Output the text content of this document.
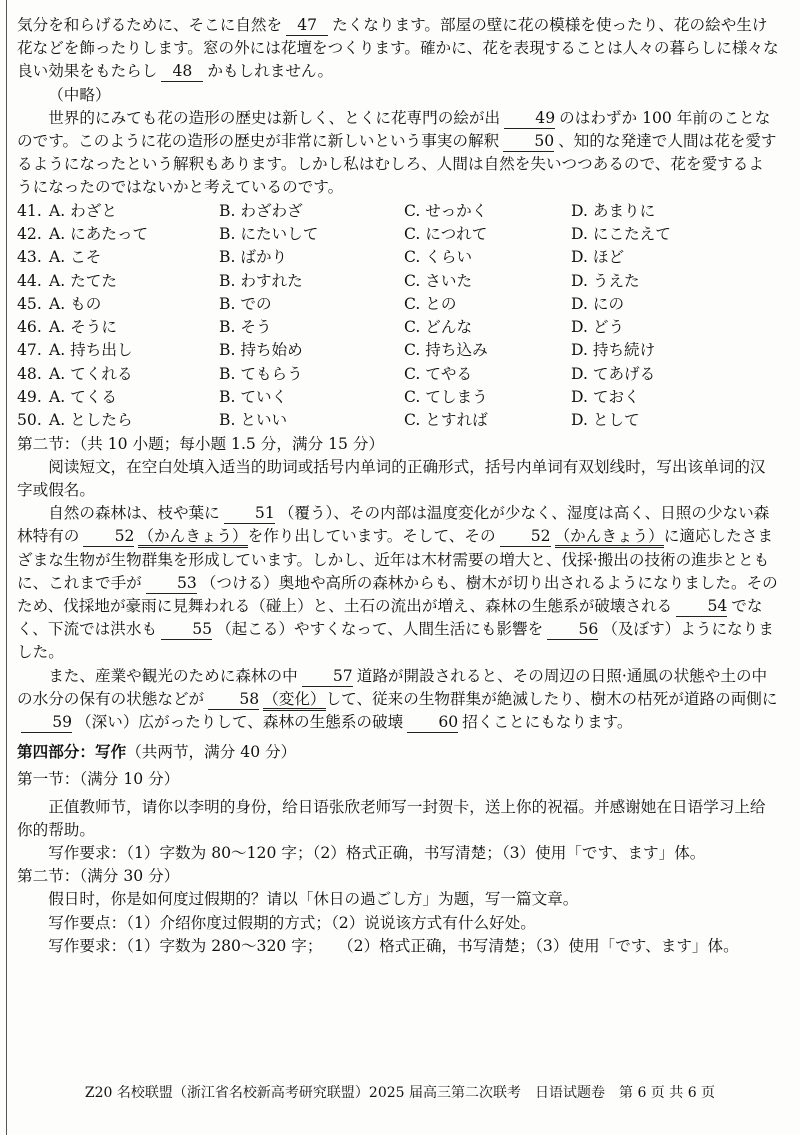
気分を和らげるために、そこに自然を 47 たくなります。部屋の壁に花の模様を使ったり、花の絵や生け花などを飾ったりします。窓の外には花壇をつくります。確かに、花を表現することは人々の暮らしに様々な良い効果をもたらし 48 かもしれません。

（中略）

世界的にみても花の造形の歴史は新しく、とくに花専門の絵が出 49 のはわずか 100 年前のことなのです。このように花の造形の歴史が非常に新しいという事実の解釈 50 、知的な発達で人間は花を愛するようになったという解釈もあります。しかし私はむしろ、人間は自然を失いつつあるので、花を愛するようになったのではないかと考えているのです。

41. A. わざと	B. わざわざ	C. せっかく	D. あまりに
42. A. にあたって	B. にたいして	C. につれて	D. にこたえて
43. A. こそ	B. ばかり	C. くらい	D. ほど
44. A. たてた	B. わすれた	C. さいた	D. うえた
45. A. もの	B. での	C. との	D. にの
46. A. そうに	B. そう	C. どんな	D. どう
47. A. 持ち出し	B. 持ち始め	C. 持ち込み	D. 持ち続け
48. A. てくれる	B. てもらう	C. てやる	D. てあげる
49. A. てくる	B. ていく	C. てしまう	D. ておく
50. A. としたら	B. といい	C. とすれば	D. として

第二节：（共 10 小题；每小题 1.5 分，满分 15 分）

阅读短文，在空白处填入适当的助词或括号内单词的正确形式，括号内单词有双划线时，写出该单词的汉字或假名。

自然の森林は、枝や葉に 51 （覆う）、その内部は温度変化が少なく、湿度は高く、日照の少ない森林特有の 52 （かんきょう）を作り出しています。そして、その 52 （かんきょう）に適応したさまざまな生物が生物群集を形成しています。しかし、近年は木材需要の増大と、伐採·搬出の技術の進歩とともに、これまで手が 53 （つける）奥地や高所の森林からも、樹木が切り出されるようになりました。そのため、伐採地が豪雨に見舞われる（碰上）と、土石の流出が増え、森林の生態系が破壊される 54 でなく、下流では洪水も 55 （起こる）やすくなって、人間生活にも影響を 56 （及ぼす）ようになりました。

また、産業や観光のために森林の中 57 道路が開設されると、その周辺の日照·通風の状態や土の中の水分の保有の状態などが 58 （変化）して、従来の生物群集が絶滅したり、樹木の枯死が道路の両側に59 （深い）広がったりして、森林の生態系の破壊 60 招くことにもなります。

第四部分：写作（共两节，满分 40 分）

第一节：（满分 10 分）

正值教师节，请你以李明的身份，给日语张欣老师写一封贺卡，送上你的祝福。并感谢她在日语学习上给你的帮助。

写作要求：（1）字数为 80～120 字；（2）格式正确，书写清楚；（3）使用「です、ます」体。

第二节：（满分 30 分）

假日时，你是如何度过假期的？请以「休日の過ごし方」为题，写一篇文章。

写作要点：（1）介绍你度过假期的方式；（2）说说该方式有什么好处。

写作要求：（1）字数为 280～320 字；　　（2）格式正确，书写清楚；（3）使用「です、ます」体。

Z20 名校联盟（浙江省名校新高考研究联盟）2025 届高三第二次联考　日语试题卷　第 6 页 共 6 页
